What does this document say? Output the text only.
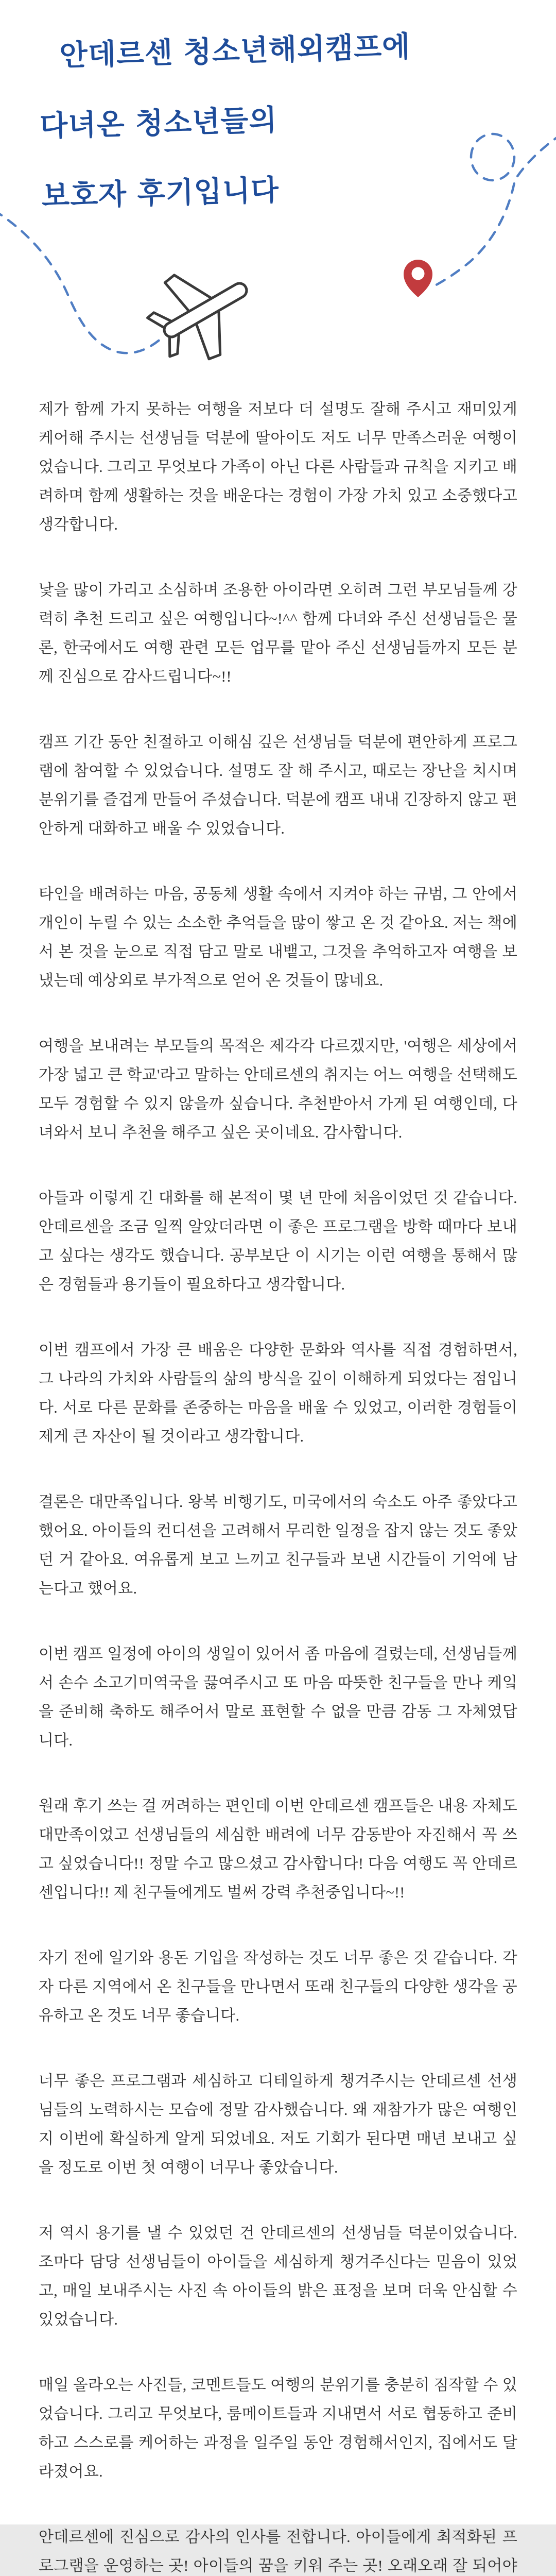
안데르센 청소년해외캠프에
다녀온 청소년들의
보호자 후기입니다

제가 함께 가지 못하는 여행을 저보다 더 설명도 잘해 주시고 재미있게 케어해 주시는 선생님들 덕분에 딸아이도 저도 너무 만족스러운 여행이었습니다. 그리고 무엇보다 가족이 아닌 다른 사람들과 규칙을 지키고 배려하며 함께 생활하는 것을 배운다는 경험이 가장 가치 있고 소중했다고 생각합니다.

낯을 많이 가리고 소심하며 조용한 아이라면 오히려 그런 부모님들께 강력히 추천 드리고 싶은 여행입니다~!^^ 함께 다녀와 주신 선생님들은 물론, 한국에서도 여행 관련 모든 업무를 맡아 주신 선생님들까지 모든 분께 진심으로 감사드립니다~!!

캠프 기간 동안 친절하고 이해심 깊은 선생님들 덕분에 편안하게 프로그램에 참여할 수 있었습니다. 설명도 잘 해 주시고, 때로는 장난을 치시며 분위기를 즐겁게 만들어 주셨습니다. 덕분에 캠프 내내 긴장하지 않고 편안하게 대화하고 배울 수 있었습니다.

타인을 배려하는 마음, 공동체 생활 속에서 지켜야 하는 규범, 그 안에서 개인이 누릴 수 있는 소소한 추억들을 많이 쌓고 온 것 같아요. 저는 책에서 본 것을 눈으로 직접 담고 말로 내뱉고, 그것을 추억하고자 여행을 보냈는데 예상외로 부가적으로 얻어 온 것들이 많네요.

여행을 보내려는 부모들의 목적은 제각각 다르겠지만, '여행은 세상에서 가장 넓고 큰 학교'라고 말하는 안데르센의 취지는 어느 여행을 선택해도 모두 경험할 수 있지 않을까 싶습니다. 추천받아서 가게 된 여행인데, 다녀와서 보니 추천을 해주고 싶은 곳이네요. 감사합니다.

아들과 이렇게 긴 대화를 해 본적이 몇 년 만에 처음이었던 것 같습니다. 안데르센을 조금 일찍 알았더라면 이 좋은 프로그램을 방학 때마다 보내고 싶다는 생각도 했습니다. 공부보단 이 시기는 이런 여행을 통해서 많은 경험들과 용기들이 필요하다고 생각합니다.

이번 캠프에서 가장 큰 배움은 다양한 문화와 역사를 직접 경험하면서, 그 나라의 가치와 사람들의 삶의 방식을 깊이 이해하게 되었다는 점입니다. 서로 다른 문화를 존중하는 마음을 배울 수 있었고, 이러한 경험들이 제게 큰 자산이 될 것이라고 생각합니다.

결론은 대만족입니다. 왕복 비행기도, 미국에서의 숙소도 아주 좋았다고 했어요. 아이들의 컨디션을 고려해서 무리한 일정을 잡지 않는 것도 좋았던 거 같아요. 여유롭게 보고 느끼고 친구들과 보낸 시간들이 기억에 남는다고 했어요.

이번 캠프 일정에 아이의 생일이 있어서 좀 마음에 걸렸는데, 선생님들께서 손수 소고기미역국을 끓여주시고 또 마음 따뜻한 친구들을 만나 케잌을 준비해 축하도 해주어서 말로 표현할 수 없을 만큼 감동 그 자체였답니다.

원래 후기 쓰는 걸 꺼려하는 편인데 이번 안데르센 캠프들은 내용 자체도 대만족이었고 선생님들의 세심한 배려에 너무 감동받아 자진해서 꼭 쓰고 싶었습니다!! 정말 수고 많으셨고 감사합니다! 다음 여행도 꼭 안데르센입니다!! 제 친구들에게도 벌써 강력 추천중입니다~!!

자기 전에 일기와 용돈 기입을 작성하는 것도 너무 좋은 것 같습니다. 각자 다른 지역에서 온 친구들을 만나면서 또래 친구들의 다양한 생각을 공유하고 온 것도 너무 좋습니다.

너무 좋은 프로그램과 세심하고 디테일하게 챙겨주시는 안데르센 선생님들의 노력하시는 모습에 정말 감사했습니다. 왜 재참가가 많은 여행인지 이번에 확실하게 알게 되었네요. 저도 기회가 된다면 매년 보내고 싶을 정도로 이번 첫 여행이 너무나 좋았습니다.

저 역시 용기를 낼 수 있었던 건 안데르센의 선생님들 덕분이었습니다. 조마다 담당 선생님들이 아이들을 세심하게 챙겨주신다는 믿음이 있었고, 매일 보내주시는 사진 속 아이들의 밝은 표정을 보며 더욱 안심할 수 있었습니다.

매일 올라오는 사진들, 코멘트들도 여행의 분위기를 충분히 짐작할 수 있었습니다. 그리고 무엇보다, 룸메이트들과 지내면서 서로 협동하고 준비하고 스스로를 케어하는 과정을 일주일 동안 경험해서인지, 집에서도 달라졌어요.

안데르센에 진심으로 감사의 인사를 전합니다. 아이들에게 최적화된 프로그램을 운영하는 곳! 아이들의 꿈을 키워 주는 곳! 오래오래 잘 되어야
